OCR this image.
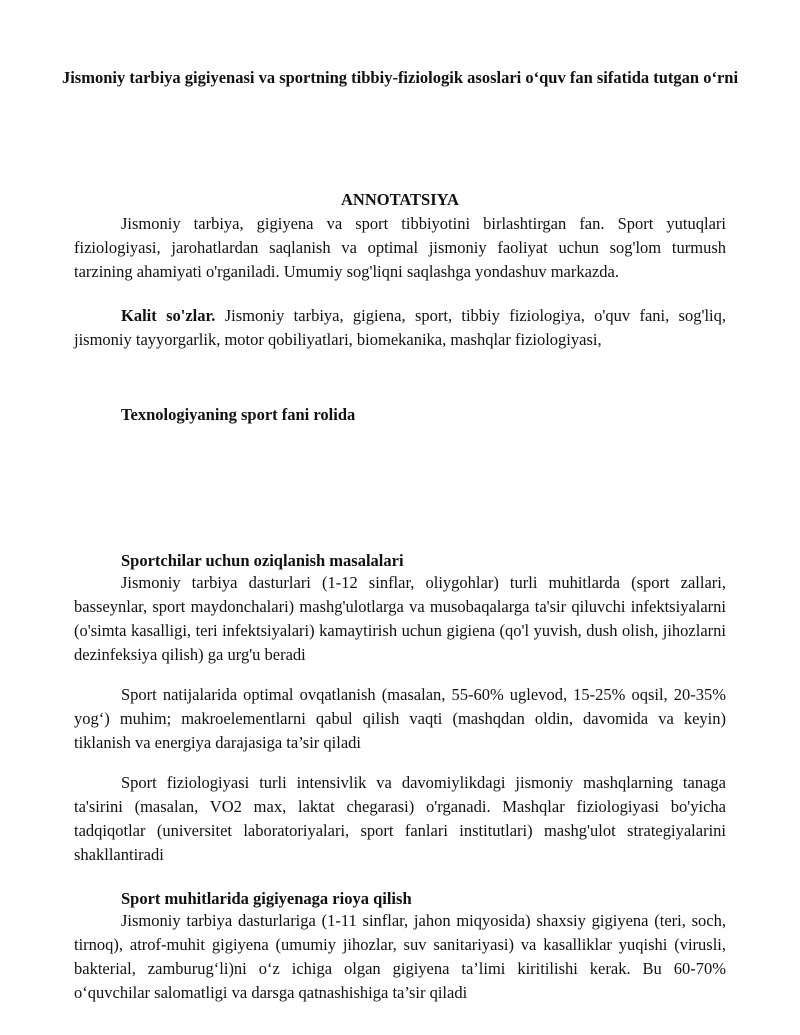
Jismoniy tarbiya gigiyenasi va sportning tibbiy-fiziologik asoslari o‘quv fan sifatida tutgan o‘rni
ANNOTATSIYA

Jismoniy tarbiya, gigiyena va sport tibbiyotini birlashtirgan fan. Sport yutuqlari fiziologiyasi, jarohatlardan saqlanish va optimal jismoniy faoliyat uchun sog'lom turmush tarzining ahamiyati o'rganiladi. Umumiy sog'liqni saqlashga yondashuv markazda.

Kalit so'zlar. Jismoniy tarbiya, gigiena, sport, tibbiy fiziologiya, o'quv fani, sog'liq, jismoniy tayyorgarlik, motor qobiliyatlari, biomekanika, mashqlar fiziologiyasi,

Texnologiyaning sport fani rolida
Sportchilar uchun oziqlanish masalalari

Jismoniy tarbiya dasturlari (1-12 sinflar, oliygohlar) turli muhitlarda (sport zallari, basseynlar, sport maydonchalari) mashg'ulotlarga va musobaqalarga ta'sir qiluvchi infektsiyalarni (o'simta kasalligi, teri infektsiyalari) kamaytirish uchun gigiena (qo'l yuvish, dush olish, jihozlarni dezinfeksiya qilish) ga urg'u beradi

Sport natijalarida optimal ovqatlanish (masalan, 55-60% uglevod, 15-25% oqsil, 20-35% yog‘) muhim; makroelementlarni qabul qilish vaqti (mashqdan oldin, davomida va keyin) tiklanish va energiya darajasiga ta’sir qiladi

Sport fiziologiyasi turli intensivlik va davomiylikdagi jismoniy mashqlarning tanaga ta'sirini (masalan, VO2 max, laktat chegarasi) o'rganadi. Mashqlar fiziologiyasi bo'yicha tadqiqotlar (universitet laboratoriyalari, sport fanlari institutlari) mashg'ulot strategiyalarini shakllantiradi

Sport muhitlarida gigiyenaga rioya qilish

Jismoniy tarbiya dasturlariga (1-11 sinflar, jahon miqyosida) shaxsiy gigiyena (teri, soch, tirnoq), atrof-muhit gigiyena (umumiy jihozlar, suv sanitariyasi) va kasalliklar yuqishi (virusli, bakterial, zamburug‘li)ni o‘z ichiga olgan gigiyena ta’limi kiritilishi kerak. Bu 60-70% o‘quvchilar salomatligi va darsga qatnashishiga ta’sir qiladi
